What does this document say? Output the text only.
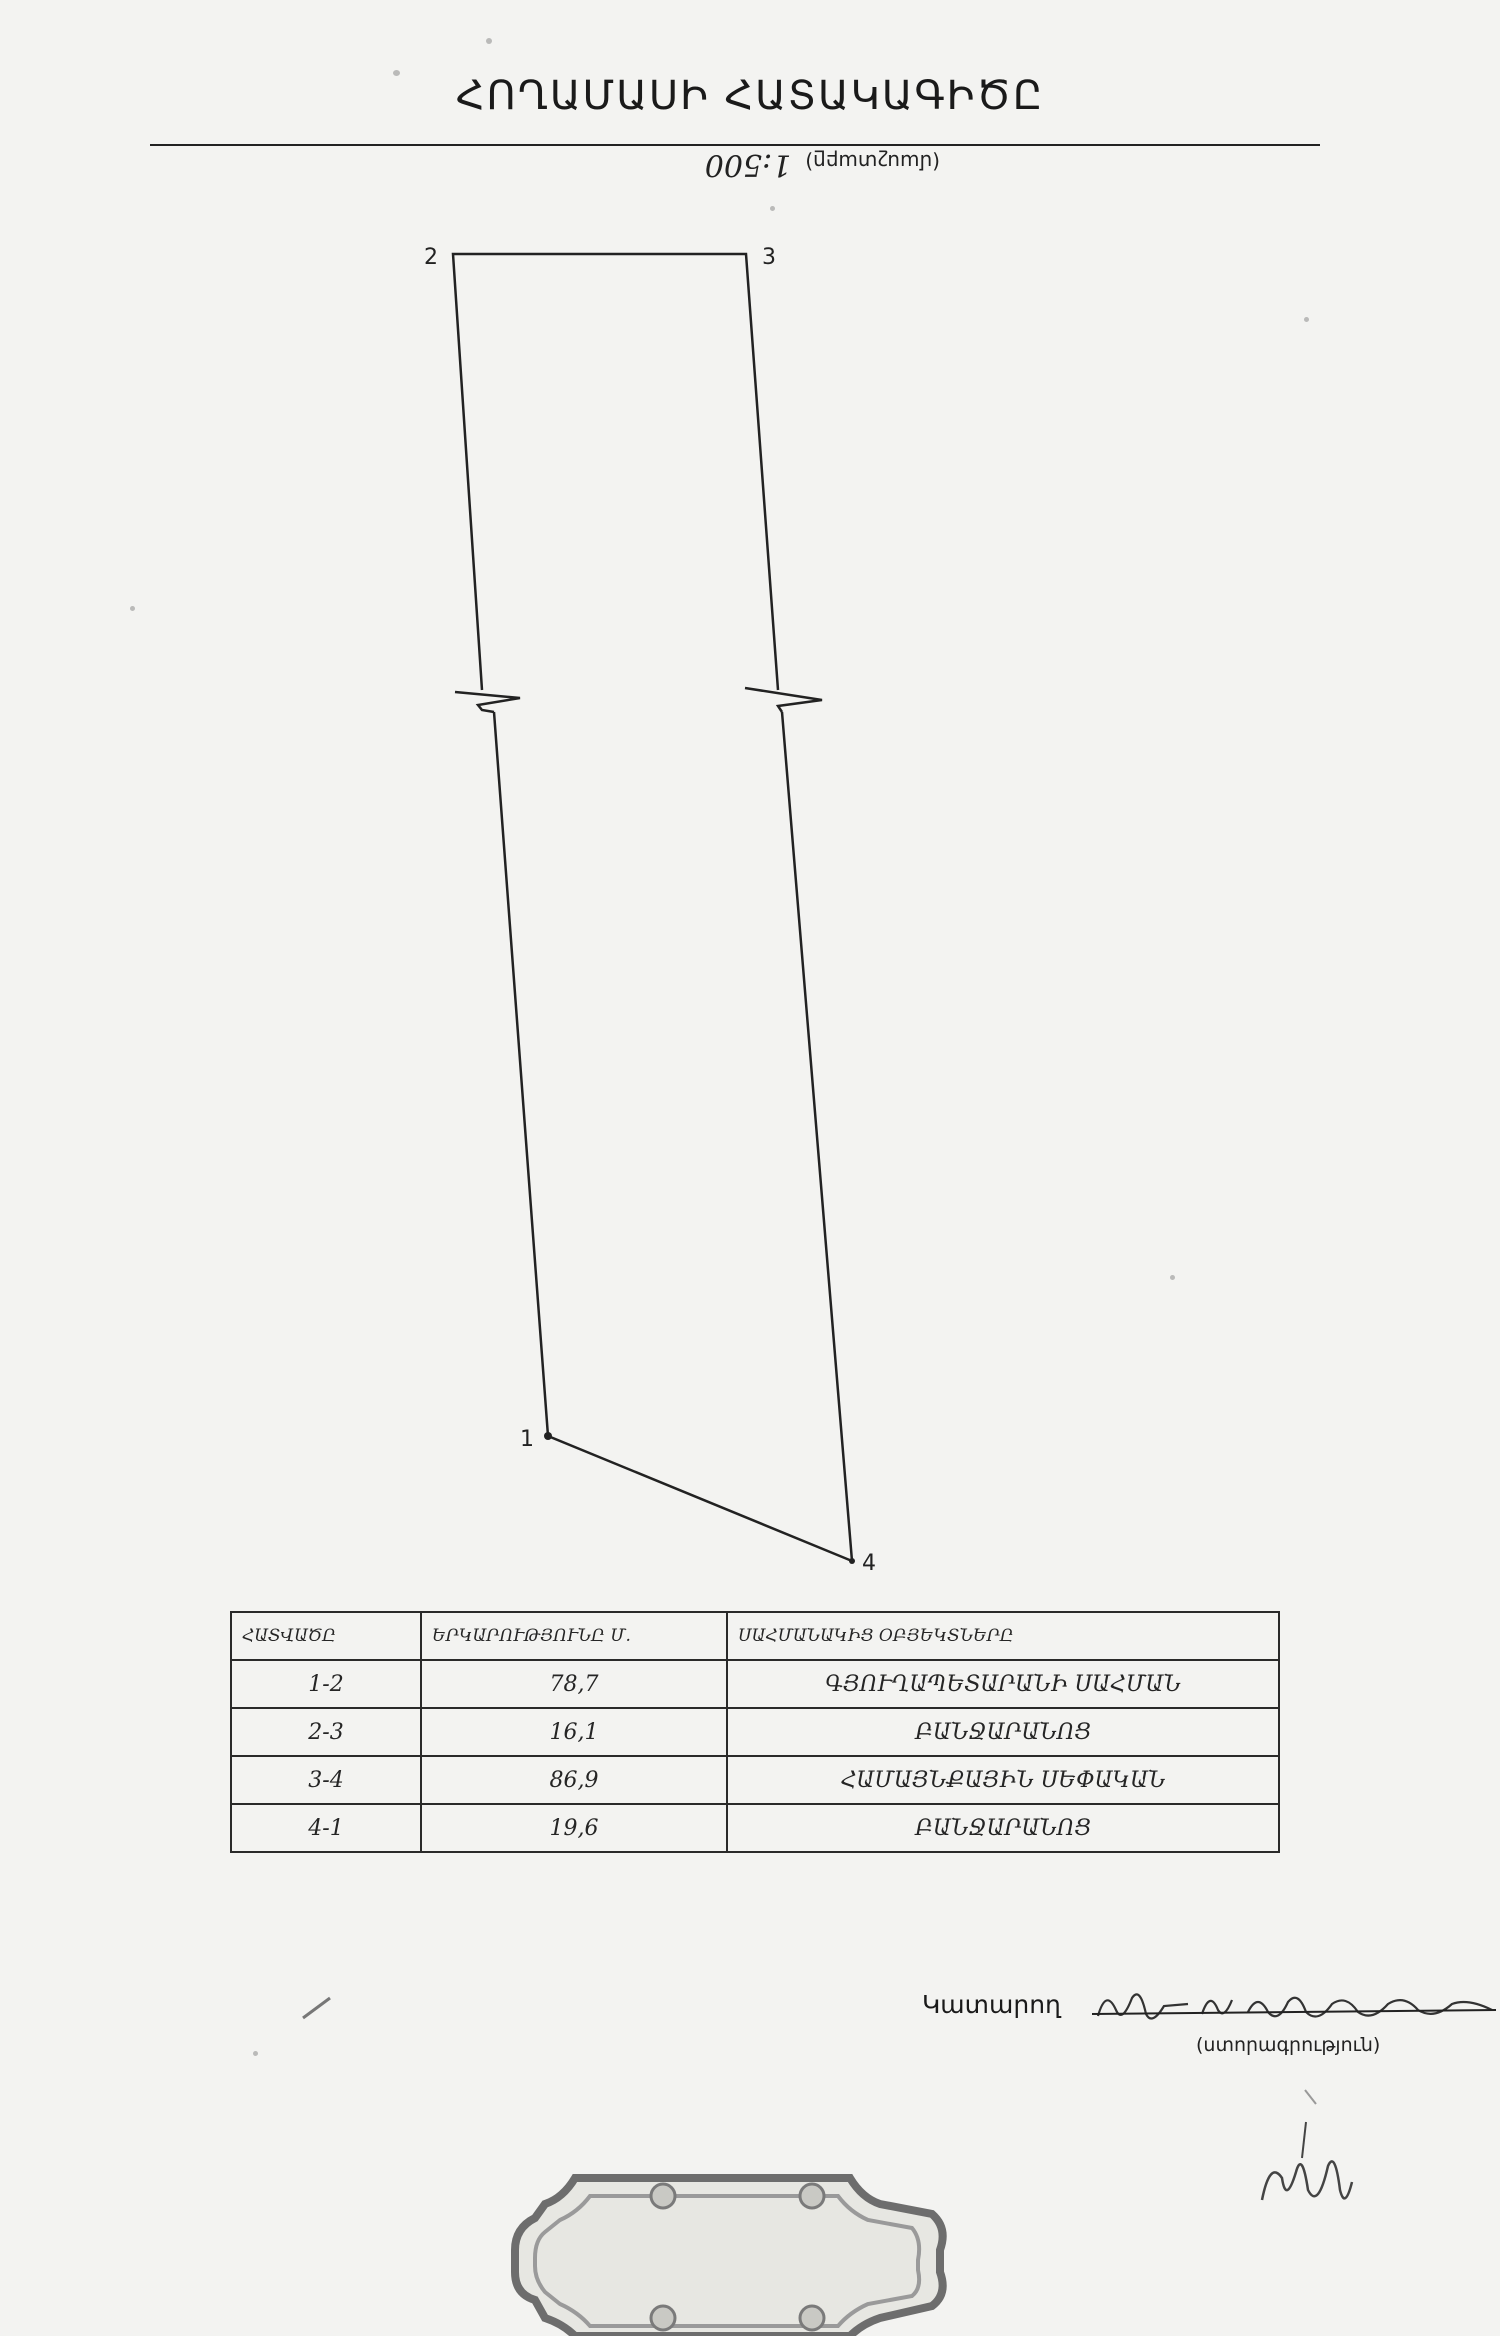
ՀՈՂԱՄԱՍԻ ՀԱՏԱԿԱԳԻԾԸ
(մասշտաբը)1:500
2	3
1
4
ՀԱՏՎԱԾԸ	ԵՐԿԱՐՈՒԹՅՈՒՆԸ Մ.	ՍԱՀՄԱՆԱԿԻՑ ՕԲՅԵԿՏՆԵՐԸ
1-2	78,7	ԳՅՈՒՂԱՊԵՏԱՐԱՆԻ ՍԱՀՄԱՆ
2-3	16,1	ԲԱՆՋԱՐԱՆՈՑ
3-4	86,9	ՀԱՄԱՅՆՔԱՅԻՆ ՍԵՓԱԿԱՆ
4-1	19,6	ԲԱՆՋԱՐԱՆՈՑ
Կատարող
(ստորագրություն)
